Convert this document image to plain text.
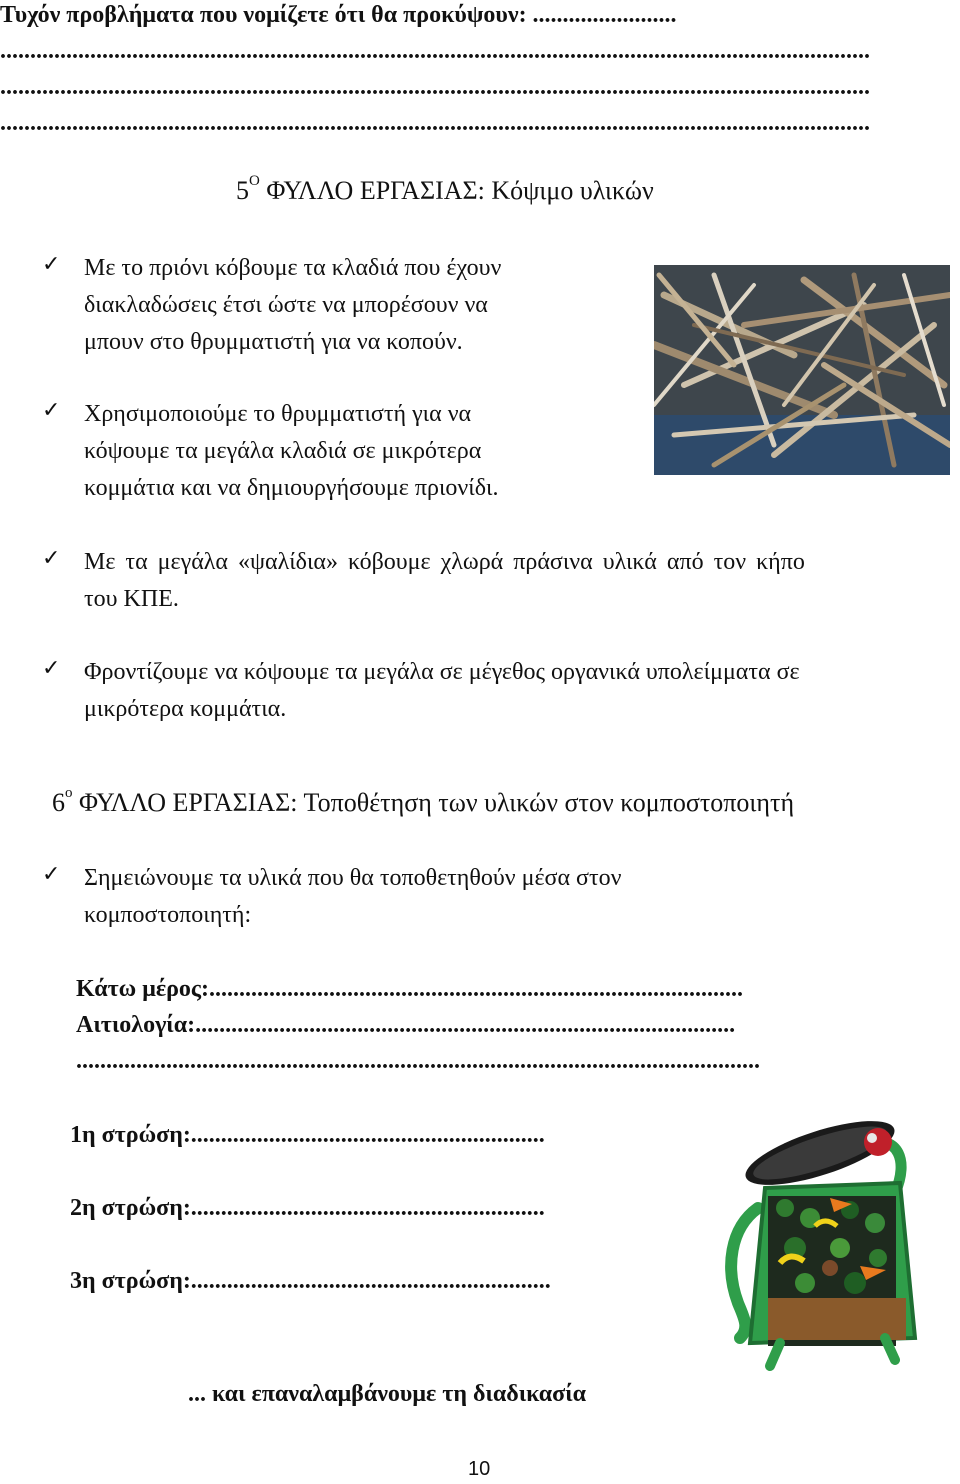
Τυχόν προβλήματα που νομίζετε ότι θα προκύψουν: ........................
.................................................................................................................................................
.................................................................................................................................................
.................................................................................................................................................
$5^O$ ΦΥΛΛΟ ΕΡΓΑΣΙΑΣ: Κόψιμο υλικών
✓ Με το πριόνι κόβουμε τα κλαδιά που έχουν
διακλαδώσεις έτσι ώστε να μπορέσουν να
μπουν στο θρυμματιστή για να κοπούν.
✓ Χρησιμοποιούμε το θρυμματιστή για να
κόψουμε τα μεγάλα κλαδιά σε μικρότερα
κομμάτια και να δημιουργήσουμε πριονίδι.
✓ Με τα μεγάλα «ψαλίδια» κόβουμε χλωρά πράσινα υλικά από τον κήπο
του ΚΠΕ.
✓ Φροντίζουμε να κόψουμε τα μεγάλα σε μέγεθος οργανικά υπολείμματα σε
μικρότερα κομμάτια.
$6^o$ ΦΥΛΛΟ ΕΡΓΑΣΙΑΣ: Τοποθέτηση των υλικών στον κομποστοποιητή
✓ Σημειώνουμε τα υλικά που θα τοποθετηθούν μέσα στον
κομποστοποιητή:
Κάτω μέρος:.........................................................................................
Αιτιολογία:..........................................................................................
..................................................................................................................
1η στρώση:...........................................................
2η στρώση:...........................................................
3η στρώση:............................................................
... και επαναλαμβάνουμε τη διαδικασία
10
